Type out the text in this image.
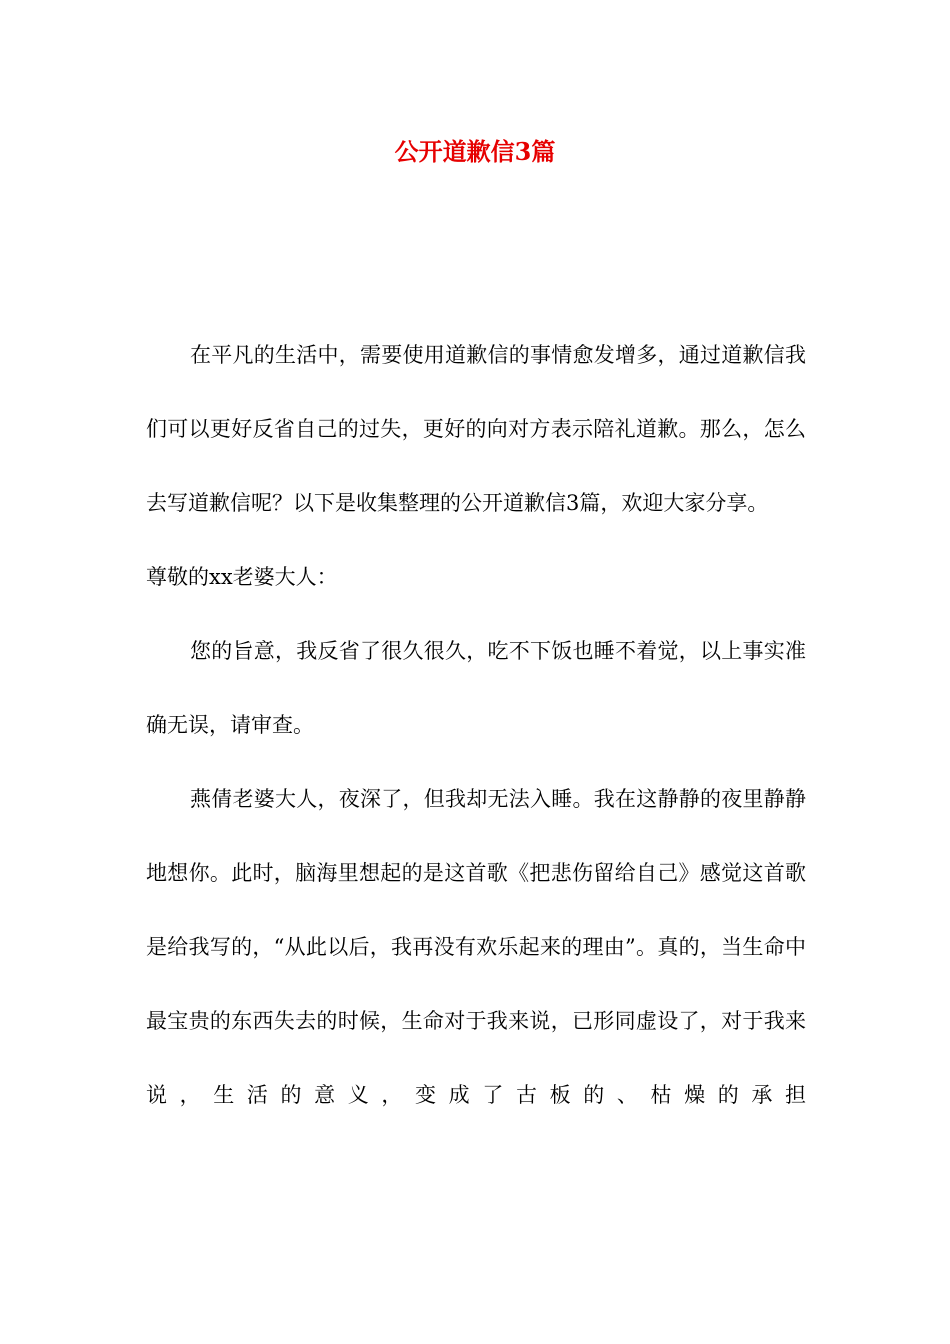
公开道歉信3篇

在平凡的生活中，需要使用道歉信的事情愈发增多，通过道歉信我们可以更好反省自己的过失，更好的向对方表示陪礼道歉。那么，怎么去写道歉信呢？以下是收集整理的公开道歉信3篇，欢迎大家分享。

尊敬的xx老婆大人：

您的旨意，我反省了很久很久，吃不下饭也睡不着觉，以上事实准确无误，请审查。

燕倩老婆大人，夜深了，但我却无法入睡。我在这静静的夜里静静地想你。此时，脑海里想起的是这首歌《把悲伤留给自己》感觉这首歌是给我写的，“从此以后，我再没有欢乐起来的理由”。真的，当生命中最宝贵的东西失去的时候，生命对于我来说，已形同虚设了，对于我来说，生活的意义，变成了古板的、枯燥的承担
